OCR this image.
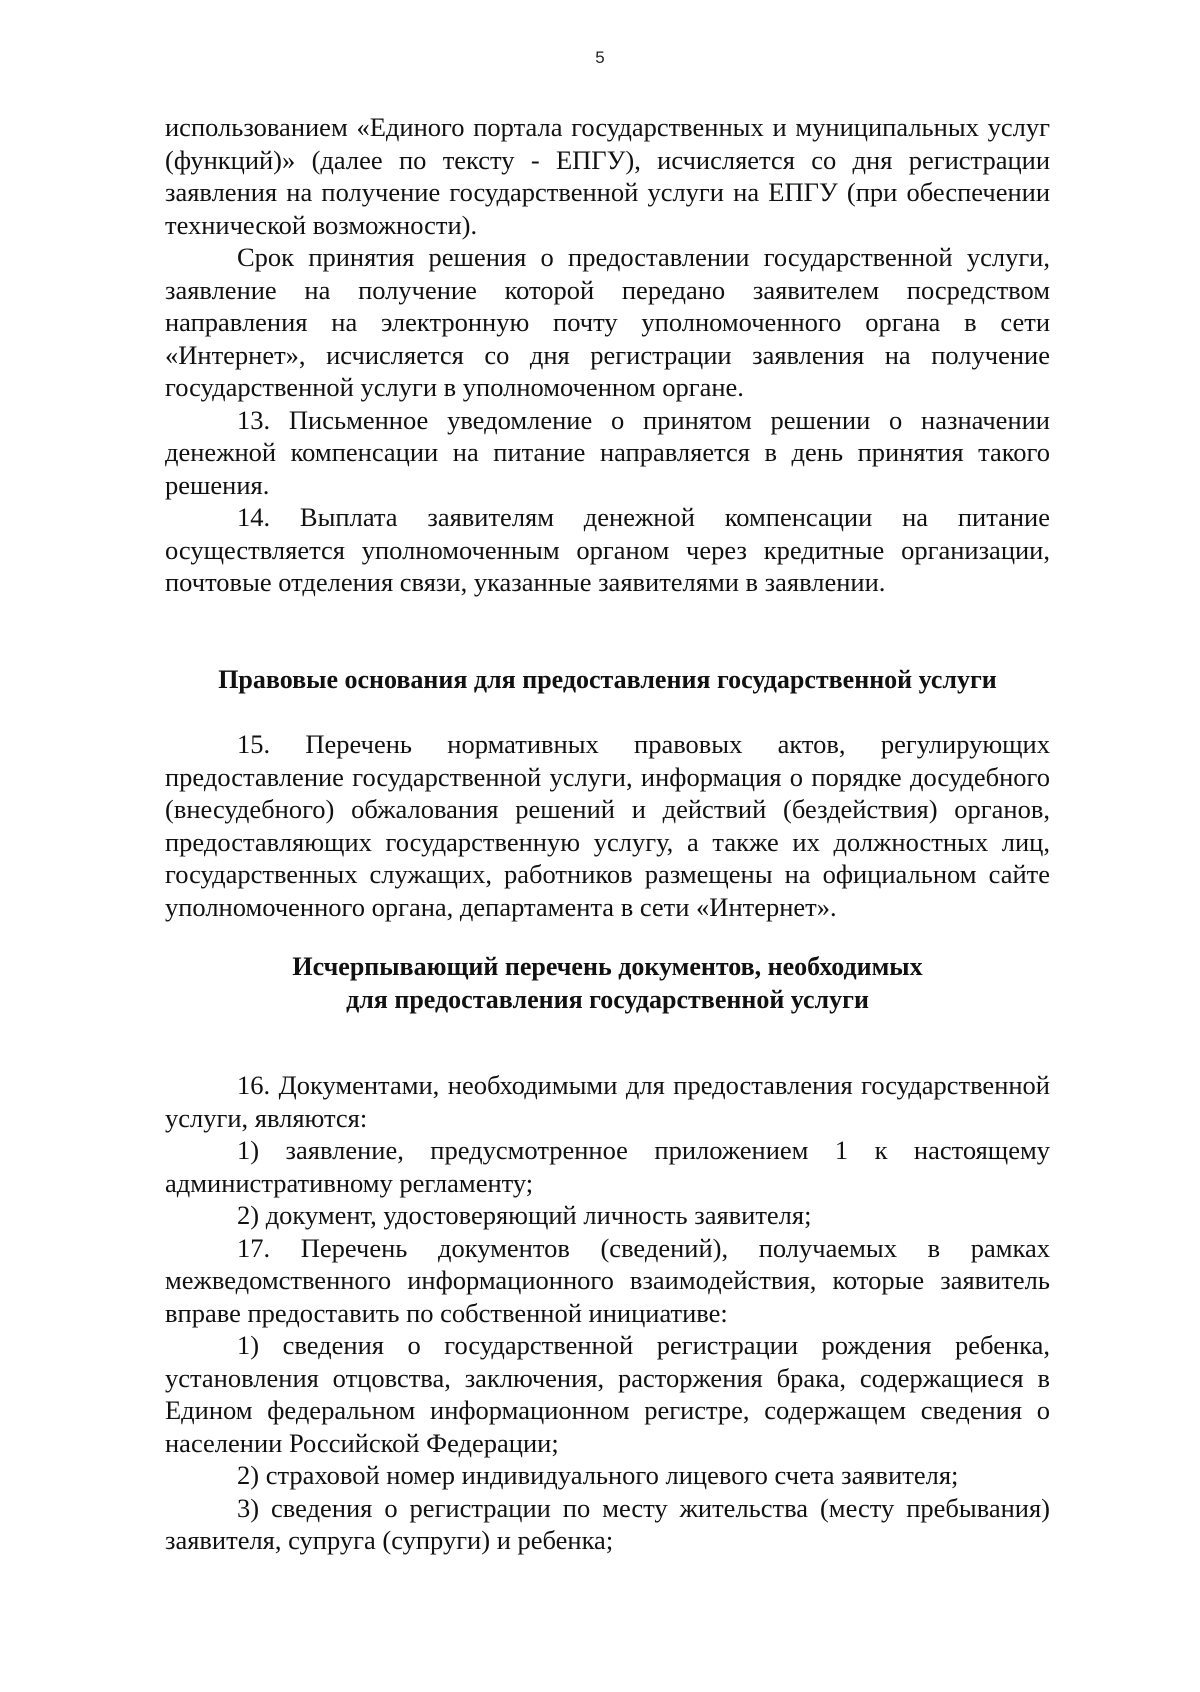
5

использованием «Единого портала государственных и муниципальных услуг (функций)» (далее по тексту - ЕПГУ), исчисляется со дня регистрации заявления на получение государственной услуги на ЕПГУ (при обеспечении технической возможности).

Срок принятия решения о предоставлении государственной услуги, заявление на получение которой передано заявителем посредством направления на электронную почту уполномоченного органа в сети «Интернет», исчисляется со дня регистрации заявления на получение государственной услуги в уполномоченном органе.

13. Письменное уведомление о принятом решении о назначении денежной компенсации на питание направляется в день принятия такого решения.

14. Выплата заявителям денежной компенсации на питание осуществляется уполномоченным органом через кредитные организации, почтовые отделения связи, указанные заявителями в заявлении.

Правовые основания для предоставления государственной услуги

15. Перечень нормативных правовых актов, регулирующих предоставление государственной услуги, информация о порядке досудебного (внесудебного) обжалования решений и действий (бездействия) органов, предоставляющих государственную услугу, а также их должностных лиц, государственных служащих, работников размещены на официальном сайте уполномоченного органа, департамента в сети «Интернет».

Исчерпывающий перечень документов, необходимых
для предоставления государственной услуги

16. Документами, необходимыми для предоставления государственной услуги, являются:

1) заявление, предусмотренное приложением 1 к настоящему административному регламенту;

2) документ, удостоверяющий личность заявителя;

17. Перечень документов (сведений), получаемых в рамках межведомственного информационного взаимодействия, которые заявитель вправе предоставить по собственной инициативе:

1) сведения о государственной регистрации рождения ребенка, установления отцовства, заключения, расторжения брака, содержащиеся в Едином федеральном информационном регистре, содержащем сведения о населении Российской Федерации;

2) страховой номер индивидуального лицевого счета заявителя;

3) сведения о регистрации по месту жительства (месту пребывания) заявителя, супруга (супруги) и ребенка;
